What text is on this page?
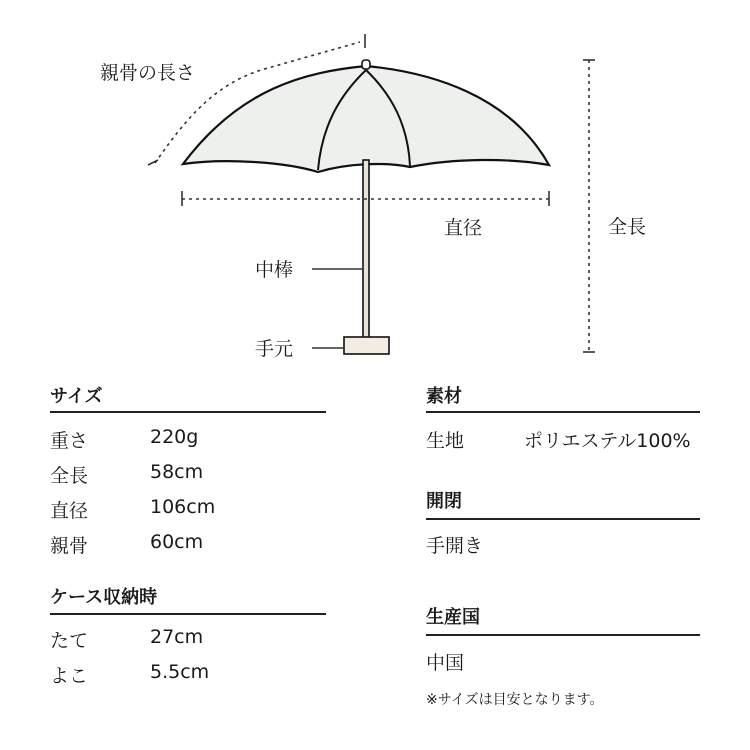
親骨の長さ
直径	全長
中棒
手元
サイズ
重さ	220g
全長	58cm
直径	106cm
親骨	60cm
ケース収納時
たて	27cm
よこ	5.5cm
素材
生地	ポリエステル100%
開閉
手開き
生産国
中国
※サイズは目安となります。
